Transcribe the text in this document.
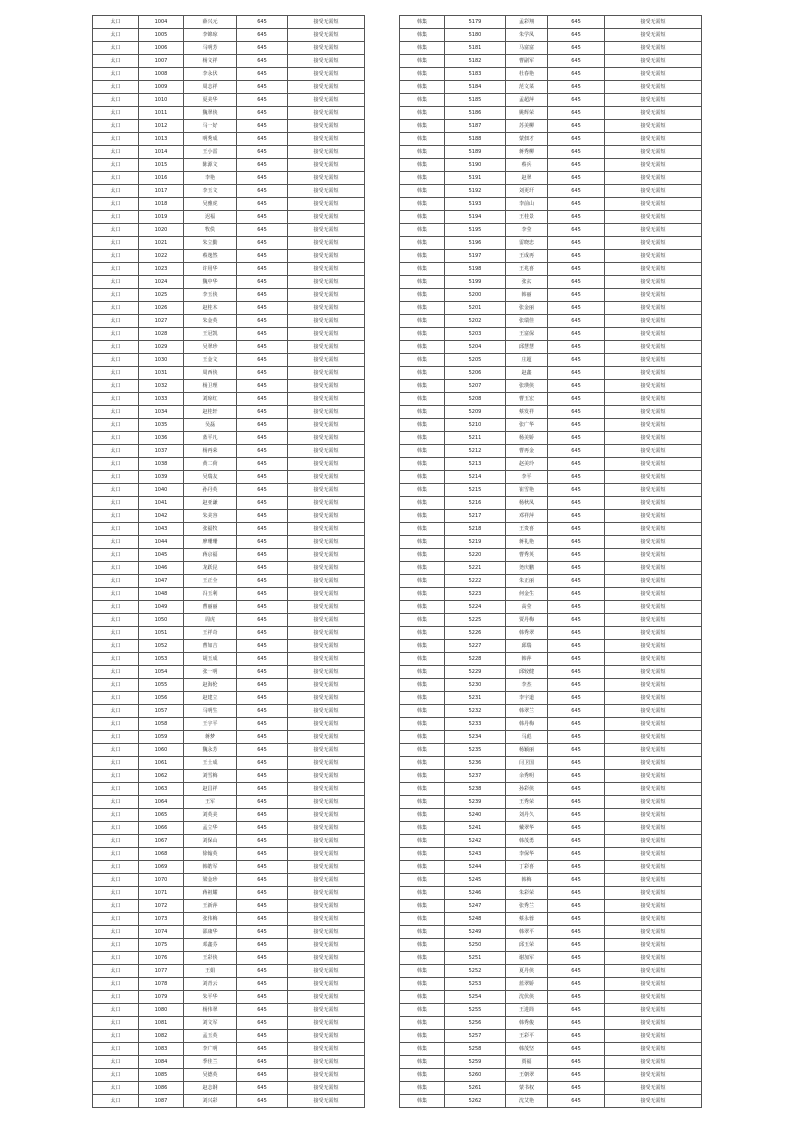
太口	1004	薛兴元	645	接受无需短
太口	1005	李锦琼	645	接受无需短
太口	1006	马明芳	645	接受无需短
太口	1007	杨文祥	645	接受无需短
太口	1008	李永伏	645	接受无需短
太口	1009	周志祥	645	接受无需短
太口	1010	夏美华	645	接受无需短
太口	1011	魏翠侠	645	接受无需短
太口	1012	马一好	645	接受无需短
太口	1013	明秀成	645	接受无需短
太口	1014	王小雷	645	接受无需短
太口	1015	陈源文	645	接受无需短
太口	1016	李艳	645	接受无需短
太口	1017	李玉文	645	接受无需短
太口	1018	吴雅虎	645	接受无需短
太口	1019	迟福	645	接受无需短
太口	1020	牧佚	645	接受无需短
太口	1021	朱立勤	645	接受无需短
太口	1022	蔡逸然	645	接受无需短
太口	1023	许用华	645	接受无需短
太口	1024	魏中华	645	接受无需短
太口	1025	李玉侠	645	接受无需短
太口	1026	赵桂木	645	接受无需短
太口	1027	朱金英	645	接受无需短
太口	1028	王冠凯	645	接受无需短
太口	1029	吴翠珍	645	接受无需短
太口	1030	王金文	645	接受无需短
太口	1031	周西侠	645	接受无需短
太口	1032	杨卫理	645	接受无需短
太口	1033	刘琼红	645	接受无需短
太口	1034	赵桂轩	645	接受无需短
太口	1035	吴磊	645	接受无需短
太口	1036	蓝平凡	645	接受无需短
太口	1037	杨再荣	645	接受无需短
太口	1038	黄二荷	645	接受无需短
太口	1039	吴瑞友	645	接受无需短
太口	1040	孙丹英	645	接受无需短
太口	1041	赵亚谦	645	接受无需短
太口	1042	朱美容	645	接受无需短
太口	1043	张福牧	645	接受无需短
太口	1044	廖珊珊	645	接受无需短
太口	1045	蒋京福	645	接受无需短
太口	1046	龙跃昆	645	接受无需短
太口	1047	王正全	645	接受无需短
太口	1048	冯玉利	645	接受无需短
太口	1049	曹丽丽	645	接受无需短
太口	1050	周虎	645	接受无需短
太口	1051	王祥奇	645	接受无需短
太口	1052	曹如吉	645	接受无需短
太口	1053	胡玉成	645	接受无需短
太口	1054	张一明	645	接受无需短
太口	1055	赵海伦	645	接受无需短
太口	1056	赵建立	645	接受无需短
太口	1057	马明生	645	接受无需短
太口	1058	王宇平	645	接受无需短
太口	1059	蒋梦	645	接受无需短
太口	1060	魏永芳	645	接受无需短
太口	1061	王士成	645	接受无需短
太口	1062	刘雪梅	645	接受无需短
太口	1063	赵昌祥	645	接受无需短
太口	1064	王军	645	接受无需短
太口	1065	刘英美	645	接受无需短
太口	1066	孟立华	645	接受无需短
太口	1067	刘保山	645	接受无需短
太口	1068	徐翰英	645	接受无需短
太口	1069	韩皓军	645	接受无需短
太口	1070	梁金珍	645	接受无需短
太口	1071	蒋祖耀	645	接受无需短
太口	1072	王新萍	645	接受无需短
太口	1073	张伟梅	645	接受无需短
太口	1074	邵康华	645	接受无需短
太口	1075	邓鑫芬	645	接受无需短
太口	1076	王彩侠	645	接受无需短
太口	1077	王娟	645	接受无需短
太口	1078	刘青云	645	接受无需短
太口	1079	朱平华	645	接受无需短
太口	1080	杨伟翠	645	接受无需短
太口	1081	刘文军	645	接受无需短
太口	1082	孟玉英	645	接受无需短
太口	1083	李广明	645	接受无需短
太口	1084	季佳兰	645	接受无需短
太口	1085	吴德英	645	接受无需短
太口	1086	赵志钢	645	接受无需短
太口	1087	刘兴彩	645	接受无需短
韩集	5179	孟彩翔	645	接受无需短
韩集	5180	朱学凤	645	接受无需短
韩集	5181	马富富	645	接受无需短
韩集	5182	曹副军	645	接受无需短
韩集	5183	杜春艳	645	接受无需短
韩集	5184	范文菜	645	接受无需短
韩集	5185	孟超萍	645	接受无需短
韩集	5186	姚辉荣	645	接受无需短
韩集	5187	苏美柳	645	接受无需短
韩集	5188	蒙佃才	645	接受无需短
韩集	5189	蒋秀柳	645	接受无需短
韩集	5190	蔡兵	645	接受无需短
韩集	5191	赵翠	645	接受无需短
韩集	5192	刘更玕	645	接受无需短
韩集	5193	李前山	645	接受无需短
韩集	5194	王桂景	645	接受无需短
韩集	5195	李莹	645	接受无需短
韩集	5196	雷晓忠	645	接受无需短
韩集	5197	王成再	645	接受无需短
韩集	5198	王兆喜	645	接受无需短
韩集	5199	张玄	645	接受无需短
韩集	5200	韩丽	645	接受无需短
韩集	5201	张金丽	645	接受无需短
韩集	5202	张瑞佳	645	接受无需短
韩集	5203	王富保	645	接受无需短
韩集	5204	邱慧慧	645	接受无需短
韩集	5205	庄超	645	接受无需短
韩集	5206	赵鑫	645	接受无需短
韩集	5207	张瑛侠	645	接受无需短
韩集	5208	曹玉宏	645	接受无需短
韩集	5209	蔡发祥	645	接受无需短
韩集	5210	张广华	645	接受无需短
韩集	5211	杨美娇	645	接受无需短
韩集	5212	曹再金	645	接受无需短
韩集	5213	赵美玲	645	接受无需短
韩集	5214	李平	645	接受无需短
韩集	5215	崔雪艳	645	接受无需短
韩集	5216	杨秋凤	645	接受无需短
韩集	5217	邓祥萍	645	接受无需短
韩集	5218	王贵喜	645	接受无需短
韩集	5219	蒋礼艳	645	接受无需短
韩集	5220	曹秀英	645	接受无需短
韩集	5221	尧庆鹏	645	接受无需短
韩集	5222	朱正丽	645	接受无需短
韩集	5223	何金生	645	接受无需短
韩集	5224	高莹	645	接受无需短
韩集	5225	贾丹梅	645	接受无需短
韩集	5226	韩秀翠	645	接受无需短
韩集	5227	邱瑞	645	接受无需短
韩集	5228	韩萍	645	接受无需短
韩集	5229	邱较健	645	接受无需短
韩集	5230	李杰	645	接受无需短
韩集	5231	李宇道	645	接受无需短
韩集	5232	韩翠兰	645	接受无需短
韩集	5233	韩丹梅	645	接受无需短
韩集	5234	马彪	645	接受无需短
韩集	5235	杨颖丽	645	接受无需短
韩集	5236	闫卫国	645	接受无需短
韩集	5237	余秀明	645	接受无需短
韩集	5238	孙彩侠	645	接受无需短
韩集	5239	王秀荣	645	接受无需短
韩集	5240	刘丹久	645	接受无需短
韩集	5241	戴翠华	645	接受无需短
韩集	5242	韩茂勇	645	接受无需短
韩集	5243	李保华	645	接受无需短
韩集	5244	丁彩喜	645	接受无需短
韩集	5245	韩梅	645	接受无需短
韩集	5246	朱彩荣	645	接受无需短
韩集	5247	张秀兰	645	接受无需短
韩集	5248	蔡永蓉	645	接受无需短
韩集	5249	韩翠平	645	接受无需短
韩集	5250	邱玉荣	645	接受无需短
韩集	5251	谢加军	645	接受无需短
韩集	5252	夏丹侠	645	接受无需短
韩集	5253	蓝翠娇	645	接受无需短
韩集	5254	沈伏侠	645	接受无需短
韩集	5255	王进简	645	接受无需短
韩集	5256	韩秀俊	645	接受无需短
韩集	5257	王彩平	645	接受无需短
韩集	5258	韩茂坚	645	接受无需短
韩集	5259	贾福	645	接受无需短
韩集	5260	王朝翠	645	接受无需短
韩集	5261	蒙书权	645	接受无需短
韩集	5262	沈艾艳	645	接受无需短
